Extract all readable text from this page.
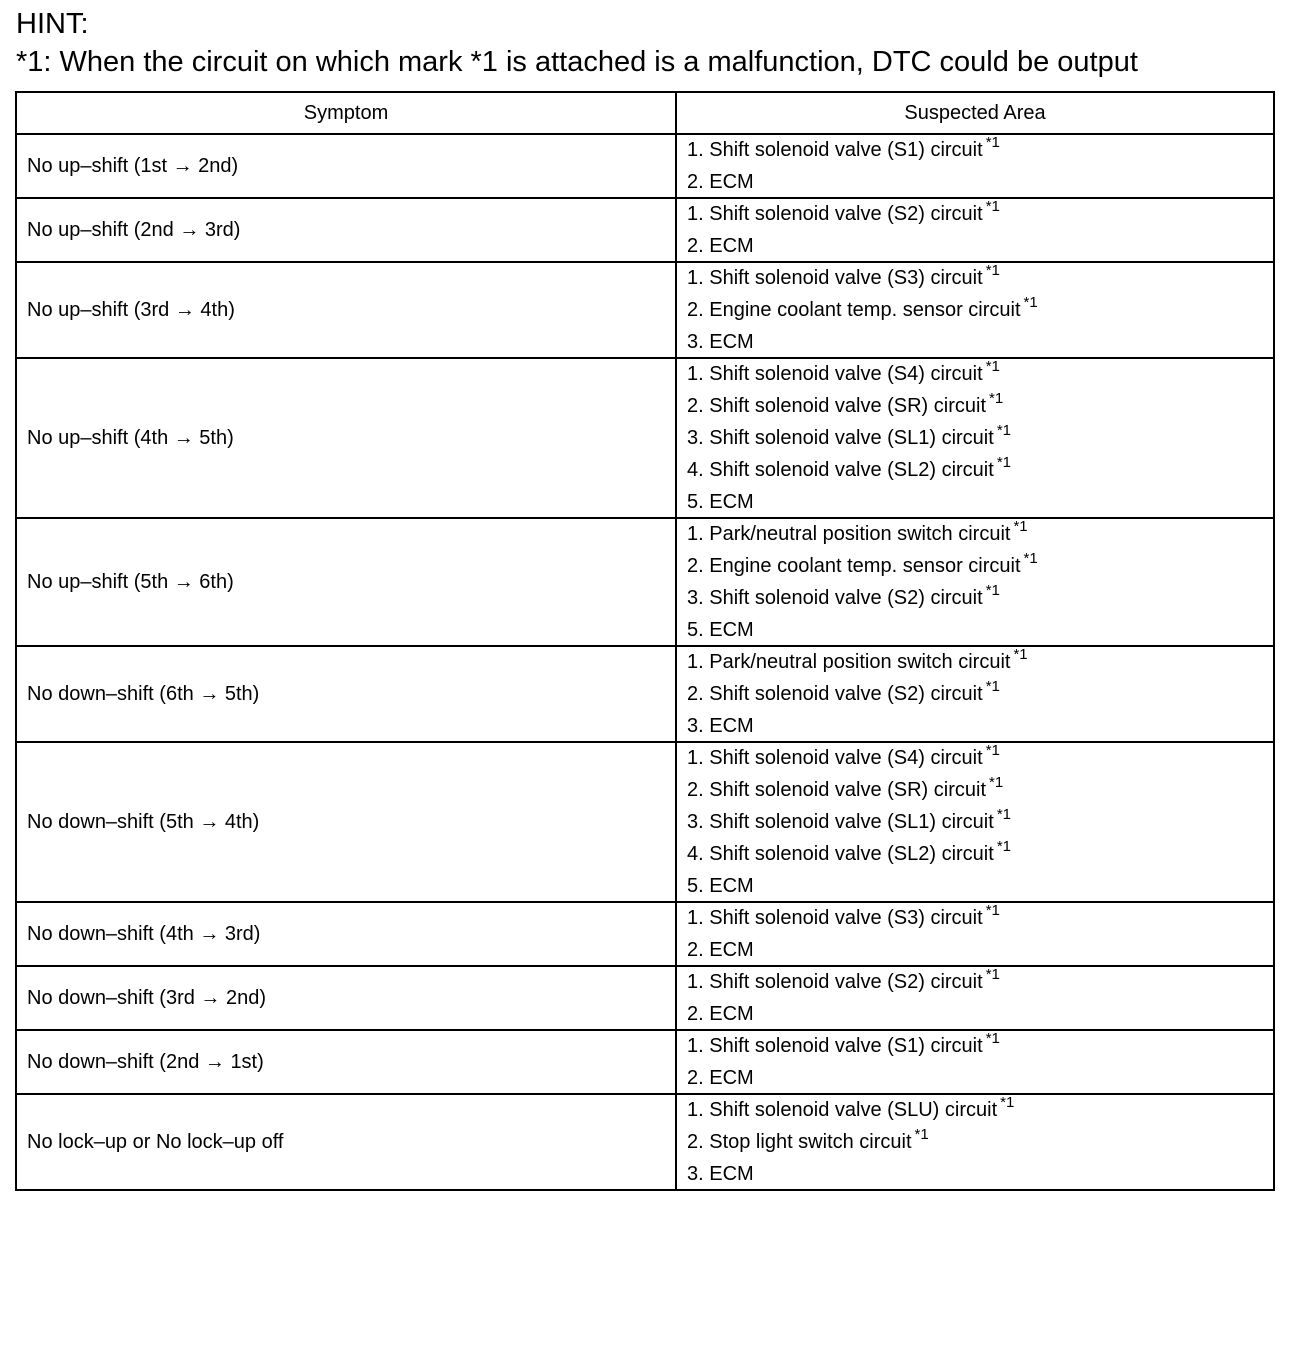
HINT:
*1: When the circuit on which mark *1 is attached is a malfunction, DTC could be output
Symptom	Suspected Area
No up–shift (1st → 2nd)	1. Shift solenoid valve (S1) circuit $^{*1}$
2. ECM

No up–shift (2nd → 3rd)	1. Shift solenoid valve (S2) circuit $^{*1}$
2. ECM

No up–shift (3rd → 4th)	1. Shift solenoid valve (S3) circuit $^{*1}$
2. Engine coolant temp. sensor circuit $^{*1}$
3. ECM

No up–shift (4th → 5th)	1. Shift solenoid valve (S4) circuit $^{*1}$
2. Shift solenoid valve (SR) circuit $^{*1}$
3. Shift solenoid valve (SL1) circuit $^{*1}$
4. Shift solenoid valve (SL2) circuit $^{*1}$
5. ECM

No up–shift (5th → 6th)	1. Park/neutral position switch circuit $^{*1}$
2. Engine coolant temp. sensor circuit $^{*1}$
3. Shift solenoid valve (S2) circuit $^{*1}$
5. ECM

No down–shift (6th → 5th)	1. Park/neutral position switch circuit $^{*1}$
2. Shift solenoid valve (S2) circuit $^{*1}$
3. ECM

No down–shift (5th → 4th)	1. Shift solenoid valve (S4) circuit $^{*1}$
2. Shift solenoid valve (SR) circuit $^{*1}$
3. Shift solenoid valve (SL1) circuit $^{*1}$
4. Shift solenoid valve (SL2) circuit $^{*1}$
5. ECM

No down–shift (4th → 3rd)	1. Shift solenoid valve (S3) circuit $^{*1}$
2. ECM

No down–shift (3rd → 2nd)	1. Shift solenoid valve (S2) circuit $^{*1}$
2. ECM

No down–shift (2nd → 1st)	1. Shift solenoid valve (S1) circuit $^{*1}$
2. ECM

No lock–up or No lock–up off	1. Shift solenoid valve (SLU) circuit $^{*1}$
2. Stop light switch circuit $^{*1}$
3. ECM
